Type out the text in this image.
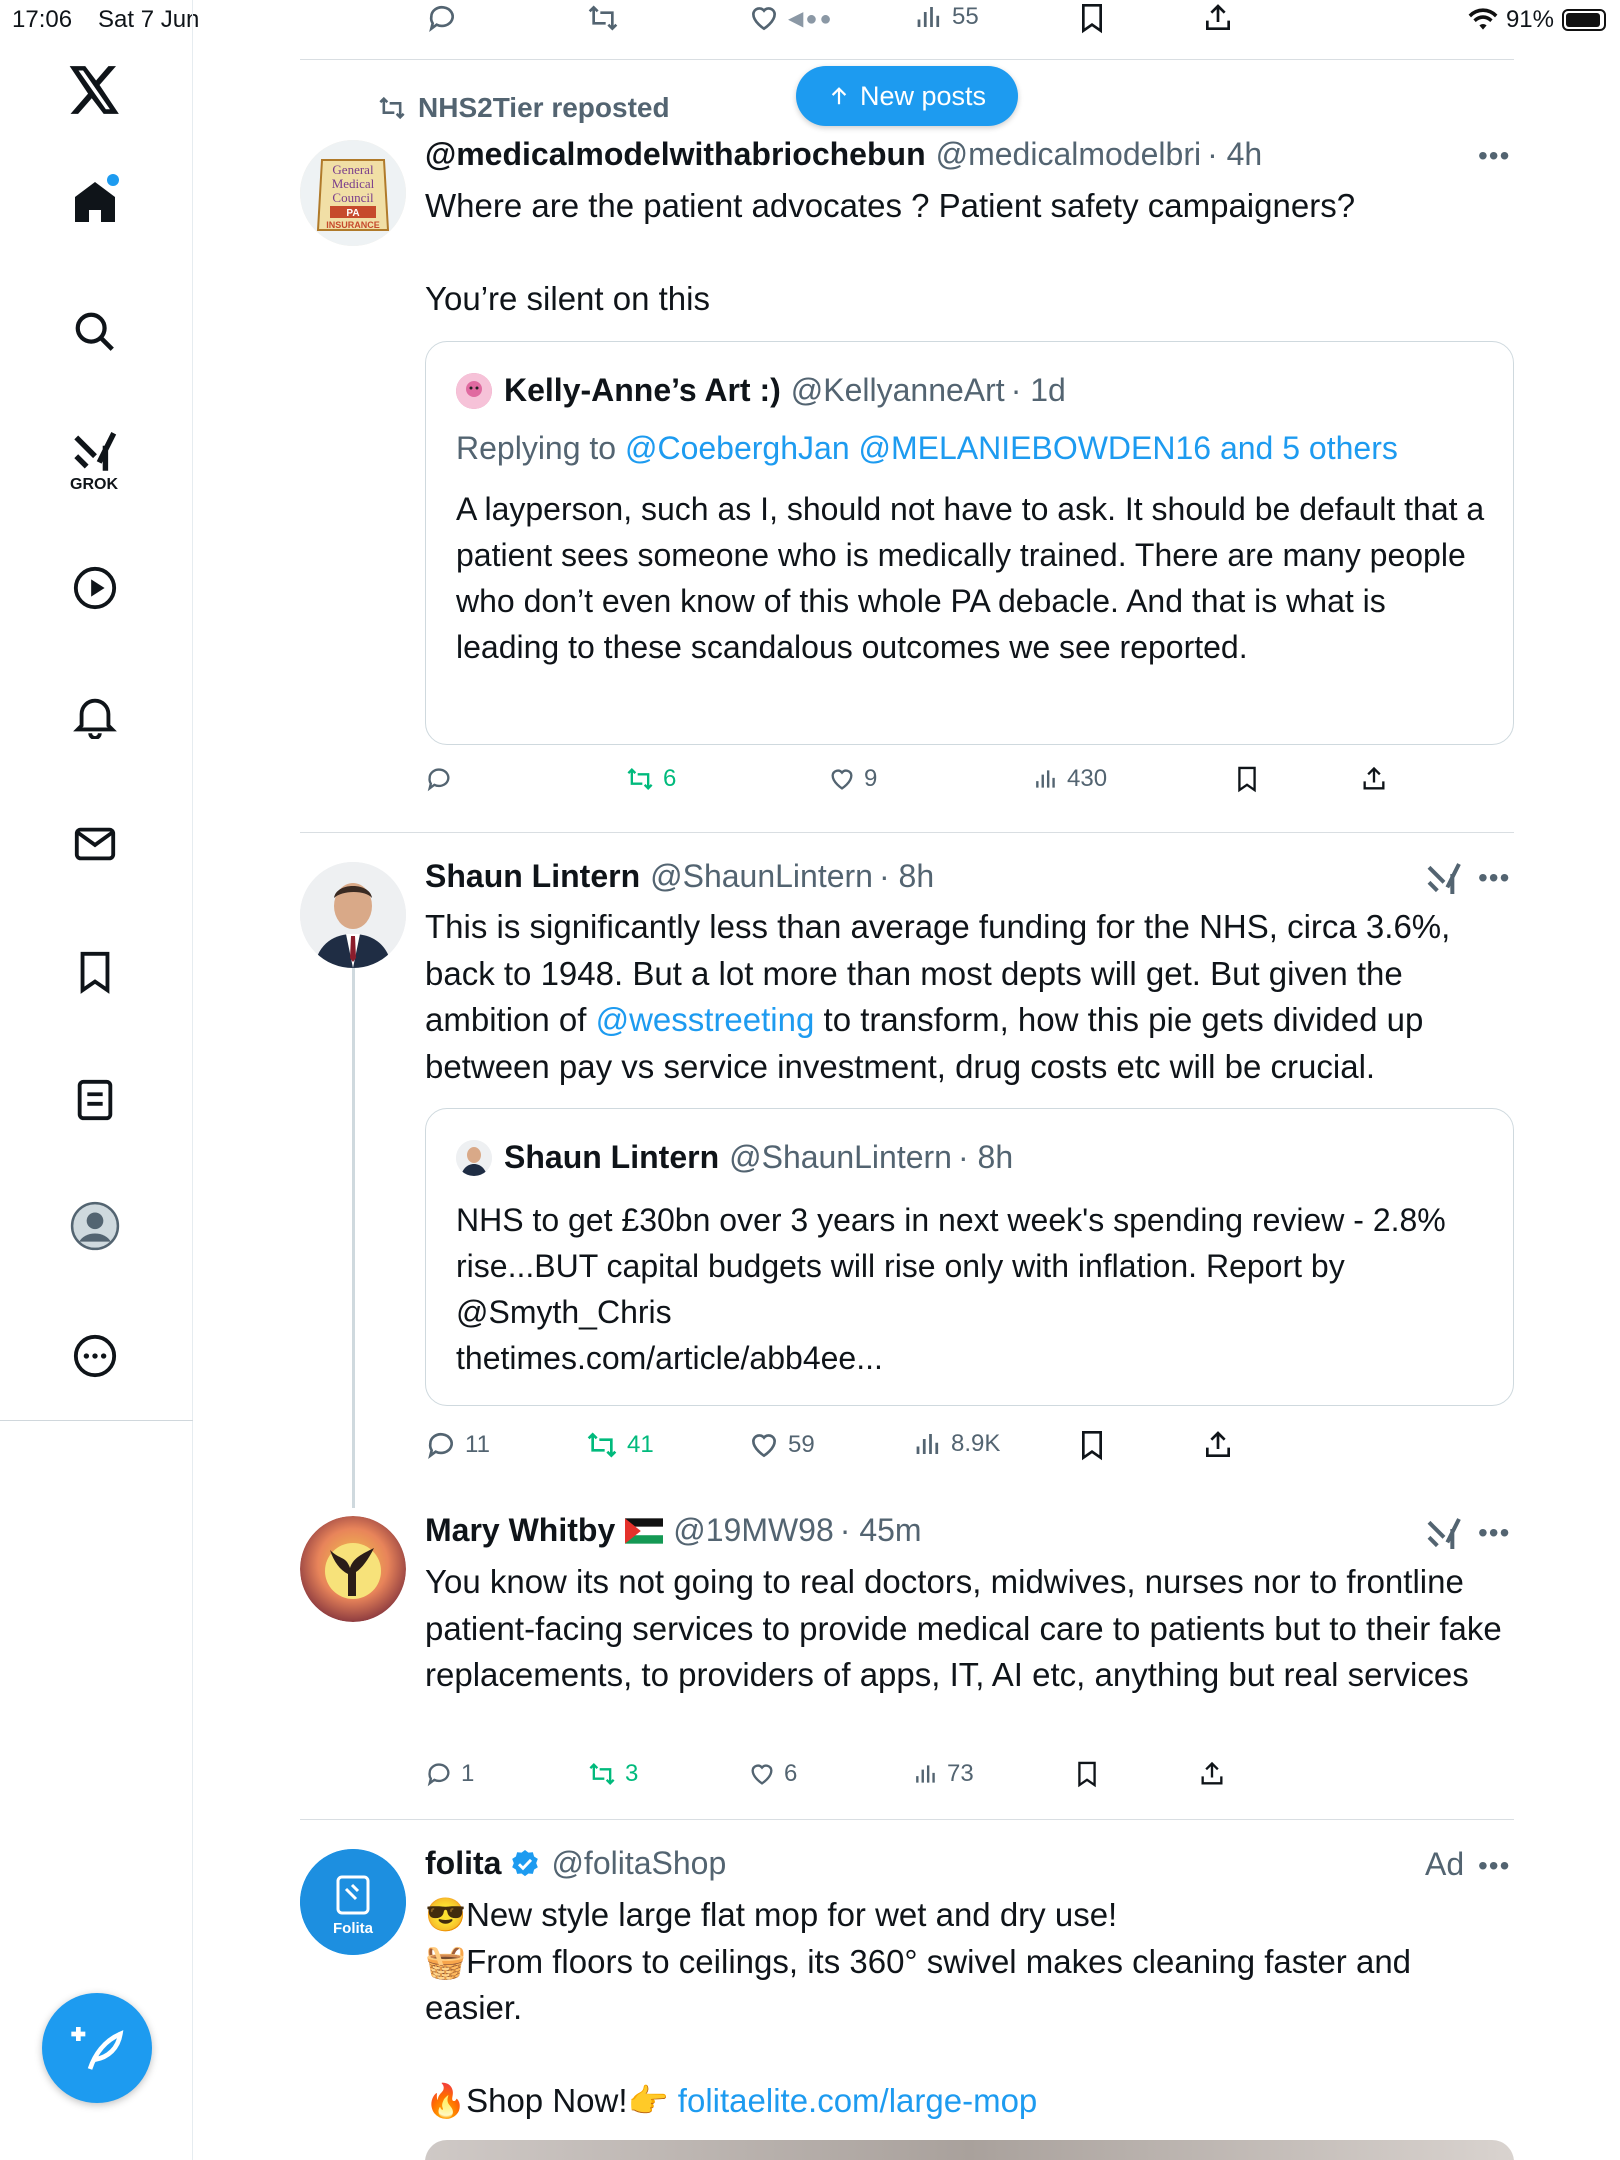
17:06 Sat 7 Jun	91%
GROK
◀●●	55
New posts
NHS2Tier reposted
General
Medical
Council
PA
INSURANCE
@medicalmodelwithabriochebun @medicalmodelbri · 4h	•••
Where are the patient advocates ? Patient safety campaigners?
You’re silent on this
Kelly-Anne’s Art :) @KellyanneArt · 1d
Replying to @CoeberghJan @MELANIEBOWDEN16 and 5 others
A layperson, such as I, should not have to ask. It should be default that a patient sees someone who is medically trained. There are many people who don’t even know of this whole PA debacle. And that is what is leading to these scandalous outcomes we see reported.
6	9	430
Shaun Lintern @ShaunLintern · 8h	•••
This is significantly less than average funding for the NHS, circa 3.6%, back to 1948. But a lot more than most depts will get. But given the ambition of @wesstreeting to transform, how this pie gets divided up between pay vs service investment, drug costs etc will be crucial.
Shaun Lintern @ShaunLintern · 8h
NHS to get £30bn over 3 years in next week's spending review - 2.8% rise...BUT capital budgets will rise only with inflation. Report by @Smyth_Chris
thetimes.com/article/abb4ee...
11	41	59	8.9K
Mary Whitby @19MW98 · 45m	•••
You know its not going to real doctors, midwives, nurses nor to frontline patient-facing services to provide medical care to patients but to their fake replacements, to providers of apps, IT, AI etc, anything but real services
1	3	6	73
Folita
folita @folitaShop	Ad •••
😎New style large flat mop for wet and dry use!
🧺From floors to ceilings, its 360° swivel makes cleaning faster and easier.
🔥Shop Now!👉 folitaelite.com/large-mop
